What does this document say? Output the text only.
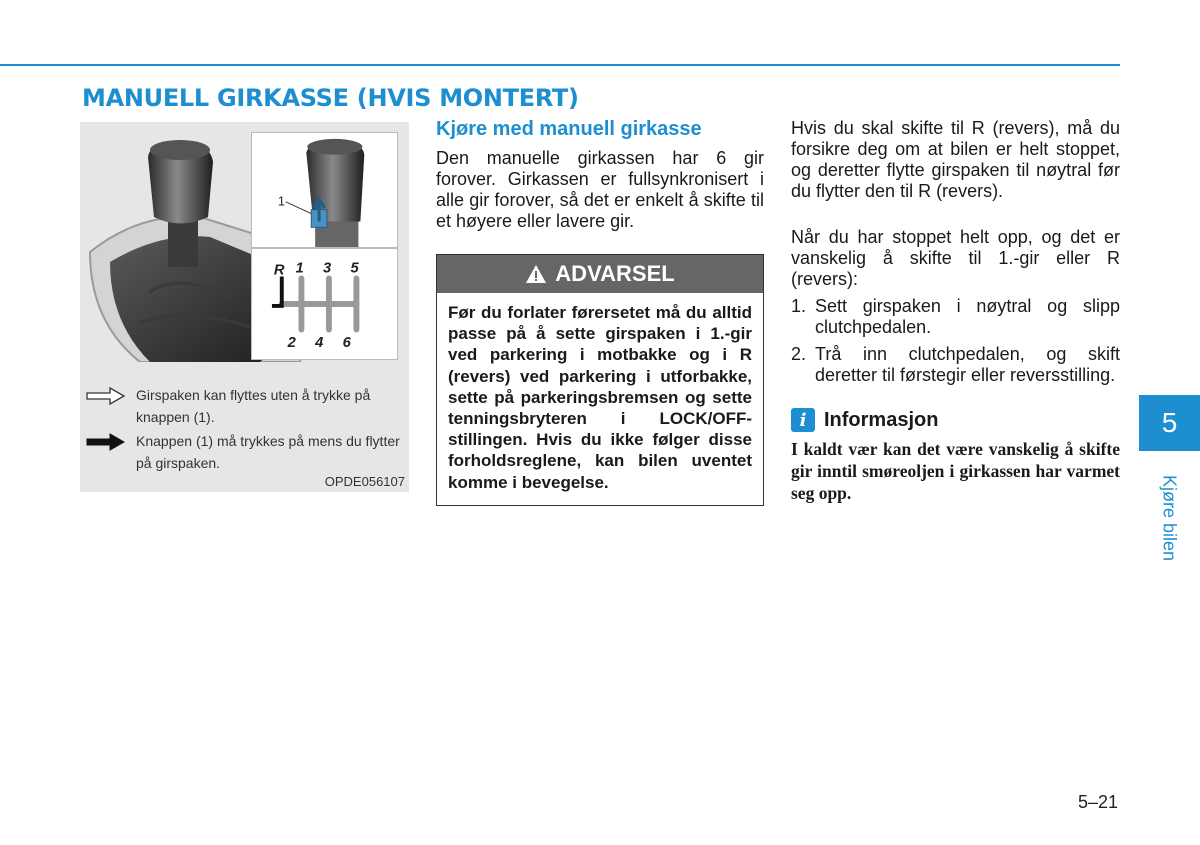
MANUELL GIRKASSE (HVIS MONTERT)
1
R 1 3 5
2 4 6
Girspaken kan flyttes uten å trykke på knappen (1).
Knappen (1) må trykkes på mens du flytter på girspaken.
OPDE056107
Kjøre med manuell girkasse

Den manuelle girkassen har 6 gir forover. Girkassen er fullsynkronisert i alle gir forover, så det er enkelt å skifte til et høyere eller lavere gir.

ADVARSEL
Før du forlater førersetet må du alltid passe på å sette girspaken i 1.-gir ved parkering i motbakke og i R (revers) ved parkering i utforbakke, sette på parkeringsbremsen og sette tenningsbryteren i LOCK/OFF-stillingen. Hvis du ikke følger disse forholdsreglene, kan bilen uventet komme i bevegelse.

Hvis du skal skifte til R (revers), må du forsikre deg om at bilen er helt stoppet, og deretter flytte girspaken til nøytral før du flytter den til R (revers).

Når du har stoppet helt opp, og det er vanskelig å skifte til 1.-gir eller R (revers):

1. Sett girspaken i nøytral og slipp clutchpedalen.
2. Trå inn clutchpedalen, og skift deretter til førstegir eller reversstilling.
i Informasjon

I kaldt vær kan det være vanskelig å skifte gir inntil smøreoljen i girkassen har varmet seg opp.

5
Kjøre bilen
5–21
